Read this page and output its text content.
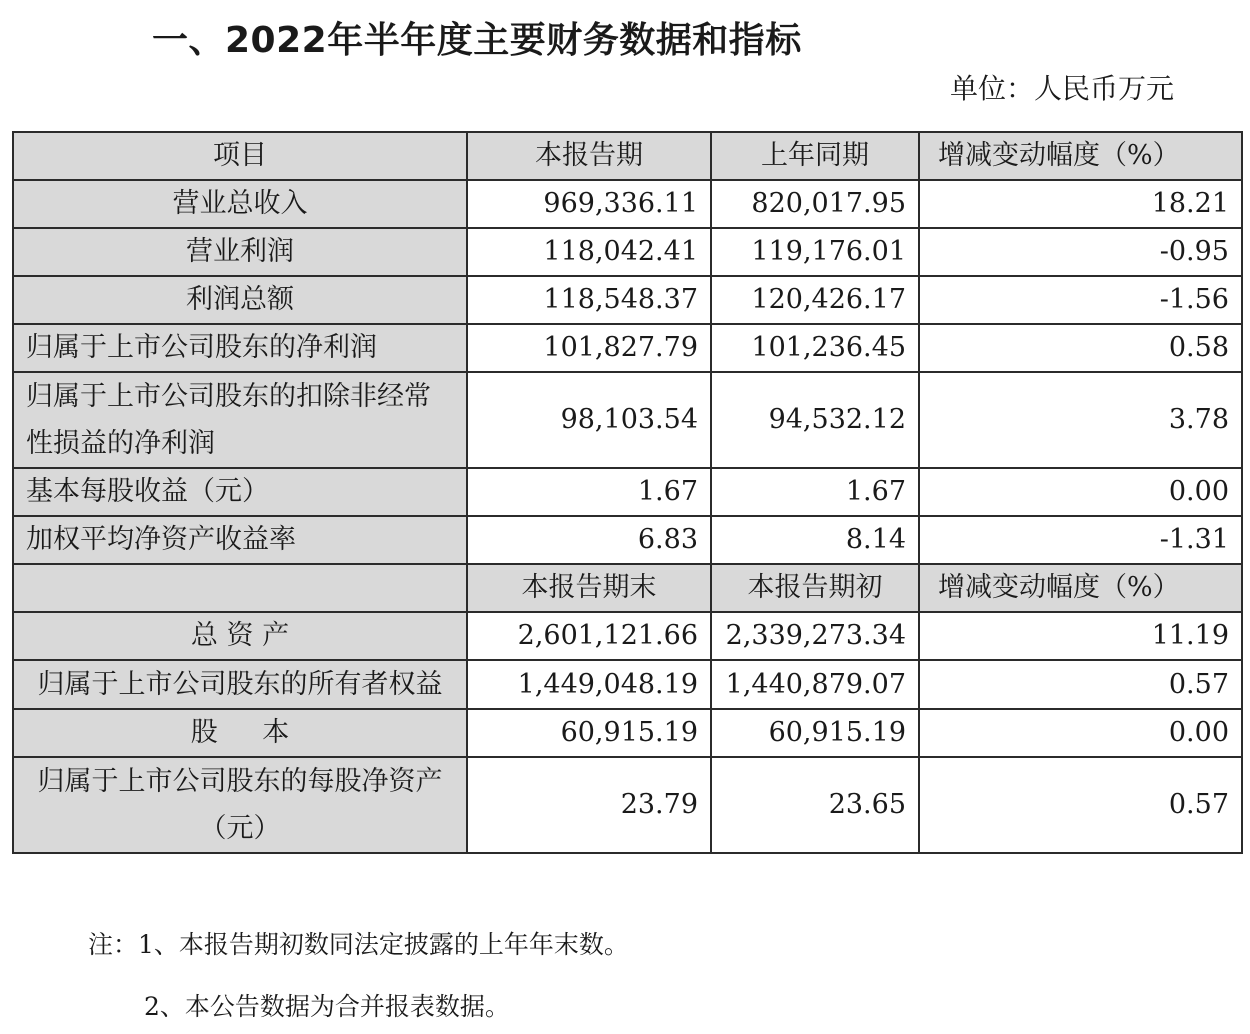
一、2022年半年度主要财务数据和指标
单位：人民币万元
项目	本报告期	上年同期	增减变动幅度（%）
营业总收入	969,336.11	820,017.95	18.21
营业利润	118,042.41	119,176.01	-0.95
利润总额	118,548.37	120,426.17	-1.56
归属于上市公司股东的净利润	101,827.79	101,236.45	0.58
归属于上市公司股东的扣除非经常性损益的净利润	98,103.54	94,532.12	3.78
基本每股收益（元）	1.67	1.67	0.00
加权平均净资产收益率	6.83	8.14	-1.31
	本报告期末	本报告期初	增减变动幅度（%）
总 资 产	2,601,121.66	2,339,273.34	11.19
归属于上市公司股东的所有者权益	1,449,048.19	1,440,879.07	0.57
股 本	60,915.19	60,915.19	0.00
归属于上市公司股东的每股净资产（元）	23.79	23.65	0.57
注：1、本报告期初数同法定披露的上年年末数。
2、本公告数据为合并报表数据。
